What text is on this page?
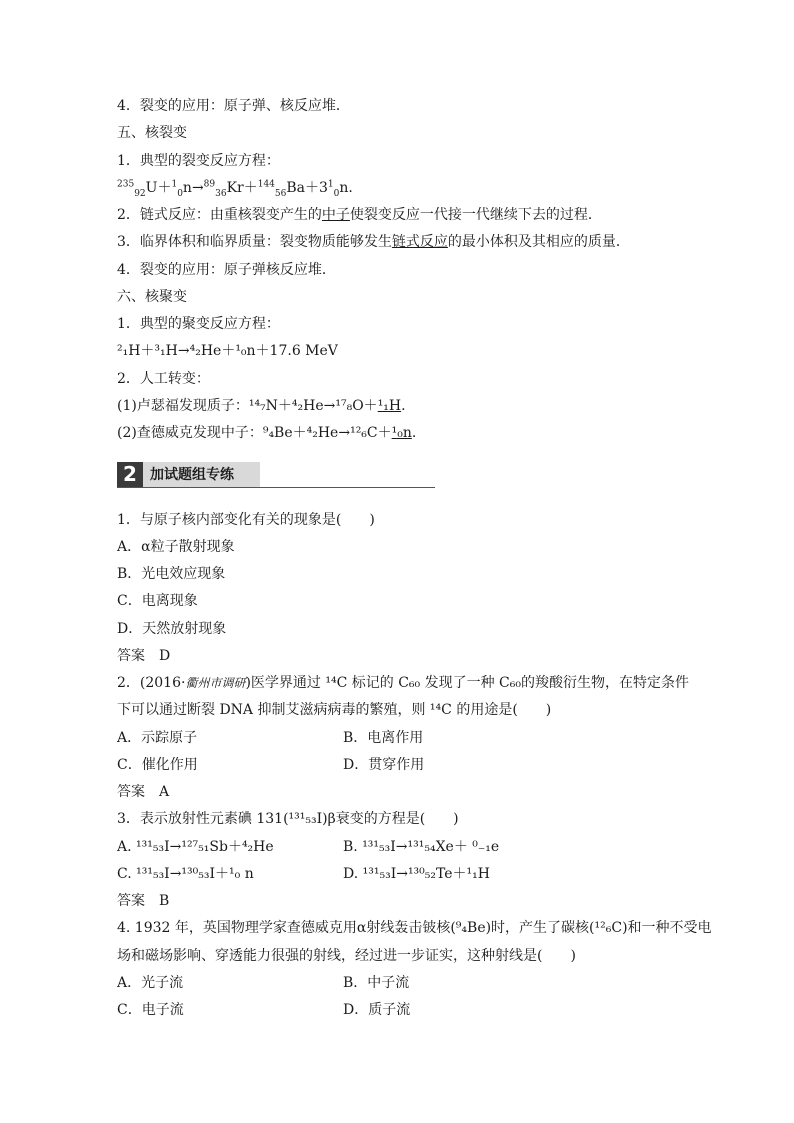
4．裂变的应用：原子弹、核反应堆．
五、核裂变
1．典型的裂变反应方程：
$^{235}_{92}U+^1_0n\to^{89}_{36}Kr+^{144}_{56}Ba+3^1_0n$.
2．链式反应：由重核裂变产生的中子使裂变反应一代接一代继续下去的过程．
3．临界体积和临界质量：裂变物质能够发生链式反应的最小体积及其相应的质量．
4．裂变的应用：原子弹核反应堆．
六、核聚变
1．典型的聚变反应方程：
²₁H＋³₁H→⁴₂He＋¹₀n＋17.6 MeV
2．人工转变：
(1)卢瑟福发现质子：¹⁴₇N＋⁴₂He→¹⁷₈O＋¹₁H.
(2)查德威克发现中子：⁹₄Be＋⁴₂He→¹²₆C＋¹₀n.
2 加试题组专练
1．与原子核内部变化有关的现象是(　　)
A．α粒子散射现象
B．光电效应现象
C．电离现象
D．天然放射现象
答案　D
2．(2016·衢州市调研)医学界通过 ¹⁴C 标记的 C₆₀ 发现了一种 C₆₀的羧酸衍生物，在特定条件
下可以通过断裂 DNA 抑制艾滋病病毒的繁殖，则 ¹⁴C 的用途是(　　)
A．示踪原子	B．电离作用
C．催化作用	D．贯穿作用
答案　A
3．表示放射性元素碘 131(¹³¹₅₃I)β衰变的方程是(　　)
A. ¹³¹₅₃I→¹²⁷₅₁Sb＋⁴₂He	B. ¹³¹₅₃I→¹³¹₅₄Xe＋ ⁰₋₁e
C. ¹³¹₅₃I→¹³⁰₅₃I＋¹₀ n	D. ¹³¹₅₃I→¹³⁰₅₂Te＋¹₁H
答案　B
4. 1932 年，英国物理学家查德威克用α射线轰击铍核(⁹₄Be)时，产生了碳核(¹²₆C)和一种不受电
场和磁场影响、穿透能力很强的射线，经过进一步证实，这种射线是(　　)
A．光子流	B．中子流
C．电子流	D．质子流
